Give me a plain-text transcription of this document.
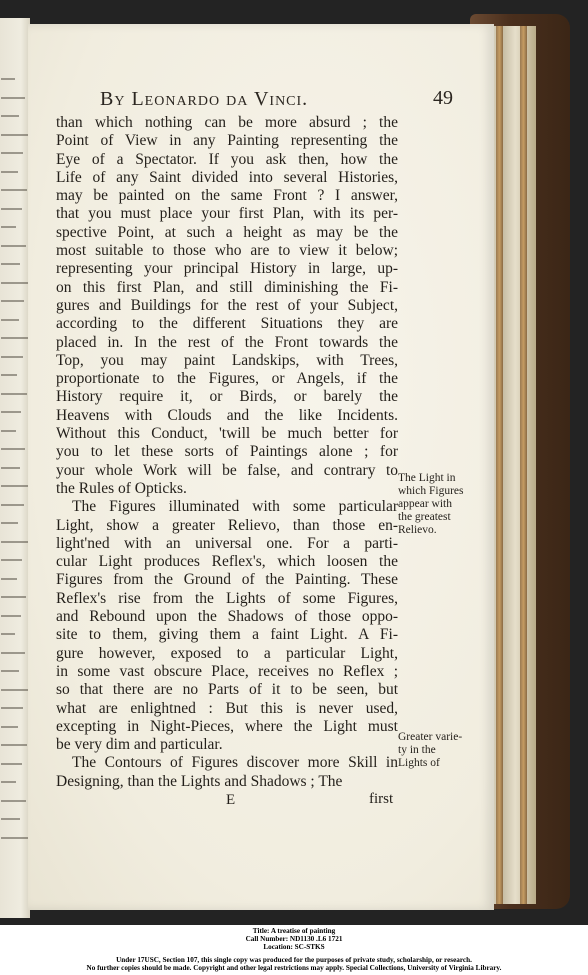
By Leonardo da Vinci.	49
than which nothing can be more absurd ; the
Point of View in any Painting representing the
Eye of a Spectator. If you ask then, how the
Life of any Saint divided into several Histories,
may be painted on the same Front ? I answer,
that you must place your first Plan, with its per-
spective Point, at such a height as may be the
most suitable to those who are to view it below;
representing your principal History in large, up-
on this first Plan, and still diminishing the Fi-
gures and Buildings for the rest of your Subject,
according to the different Situations they are
placed in. In the rest of the Front towards the
Top, you may paint Landskips, with Trees,
proportionate to the Figures, or Angels, if the
History require it, or Birds, or barely the
Heavens with Clouds and the like Incidents.
Without this Conduct, 'twill be much better for
you to let these sorts of Paintings alone ; for
your whole Work will be false, and contrary to
the Rules of Opticks.
The Figures illuminated with some particular
Light, show a greater Relievo, than those en-
light'ned with an universal one. For a parti-
cular Light produces Reflex's, which loosen the
Figures from the Ground of the Painting. These
Reflex's rise from the Lights of some Figures,
and Rebound upon the Shadows of those oppo-
site to them, giving them a faint Light. A Fi-
gure however, exposed to a particular Light,
in some vast obscure Place, receives no Reflex ;
so that there are no Parts of it to be seen, but
what are enlightned : But this is never used,
excepting in Night-Pieces, where the Light must
be very dim and particular.
The Contours of Figures discover more Skill in
Designing, than the Lights and Shadows ; The
The Light in
which Figures
appear with
the greatest
Relievo.
Greater varie-
ty in the
Lights of
E	first
Title: A treatise of painting
Call Number: ND1130 .L6 1721
Location: SC-STKS
Under 17USC, Section 107, this single copy was produced for the purposes of private study, scholarship, or research.
No further copies should be made. Copyright and other legal restrictions may apply. Special Collections, University of Virginia Library.
